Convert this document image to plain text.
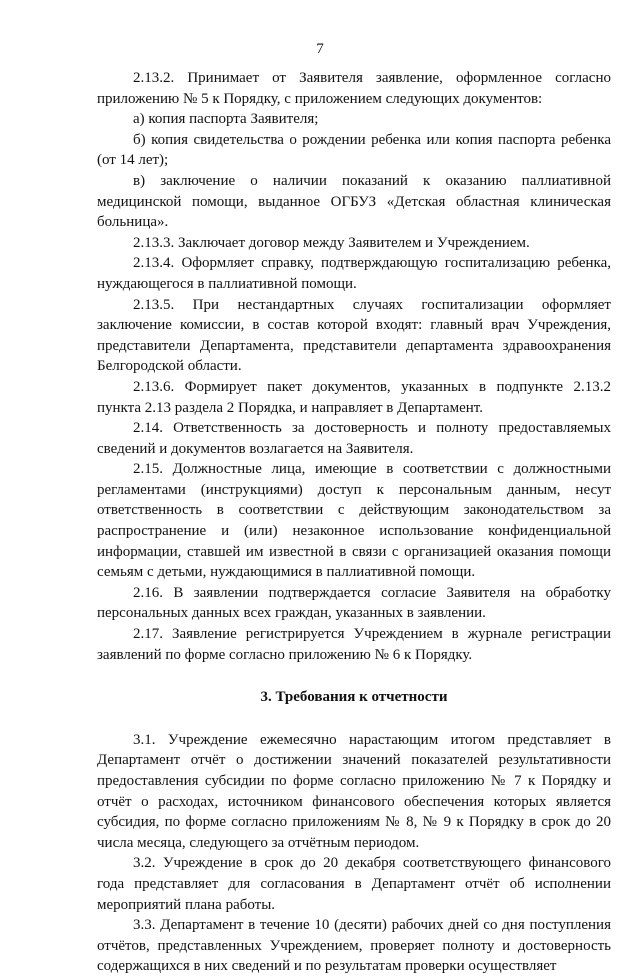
7

2.13.2. Принимает от Заявителя заявление, оформленное согласно приложению № 5 к Порядку, с приложением следующих документов:

а) копия паспорта Заявителя;

б) копия свидетельства о рождении ребенка или копия паспорта ребенка (от 14 лет);

в) заключение о наличии показаний к оказанию паллиативной медицинской помощи, выданное ОГБУЗ «Детская областная клиническая больница».

2.13.3. Заключает договор между Заявителем и Учреждением.

2.13.4. Оформляет справку, подтверждающую госпитализацию ребенка, нуждающегося в паллиативной помощи.

2.13.5. При нестандартных случаях госпитализации оформляет заключение комиссии, в состав которой входят: главный врач Учреждения, представители Департамента, представители департамента здравоохранения Белгородской области.

2.13.6. Формирует пакет документов, указанных в подпункте 2.13.2 пункта 2.13 раздела 2 Порядка, и направляет в Департамент.

2.14. Ответственность за достоверность и полноту предоставляемых сведений и документов возлагается на Заявителя.

2.15. Должностные лица, имеющие в соответствии с должностными регламентами (инструкциями) доступ к персональным данным, несут ответственность в соответствии с действующим законодательством за распространение и (или) незаконное использование конфиденциальной информации, ставшей им известной в связи с организацией оказания помощи семьям с детьми, нуждающимися в паллиативной помощи.

2.16. В заявлении подтверждается согласие Заявителя на обработку персональных данных всех граждан, указанных в заявлении.

2.17. Заявление регистрируется Учреждением в журнале регистрации заявлений по форме согласно приложению № 6 к Порядку.

3. Требования к отчетности

3.1. Учреждение ежемесячно нарастающим итогом представляет в Департамент отчёт о достижении значений показателей результативности предоставления субсидии по форме согласно приложению № 7 к Порядку и отчёт о расходах, источником финансового обеспечения которых является субсидия, по форме согласно приложениям № 8, № 9 к Порядку в срок до 20 числа месяца, следующего за отчётным периодом.

3.2. Учреждение в срок до 20 декабря соответствующего финансового года представляет для согласования в Департамент отчёт об исполнении мероприятий плана работы.

3.3. Департамент в течение 10 (десяти) рабочих дней со дня поступления отчётов, представленных Учреждением, проверяет полноту и достоверность содержащихся в них сведений и по результатам проверки осуществляет
